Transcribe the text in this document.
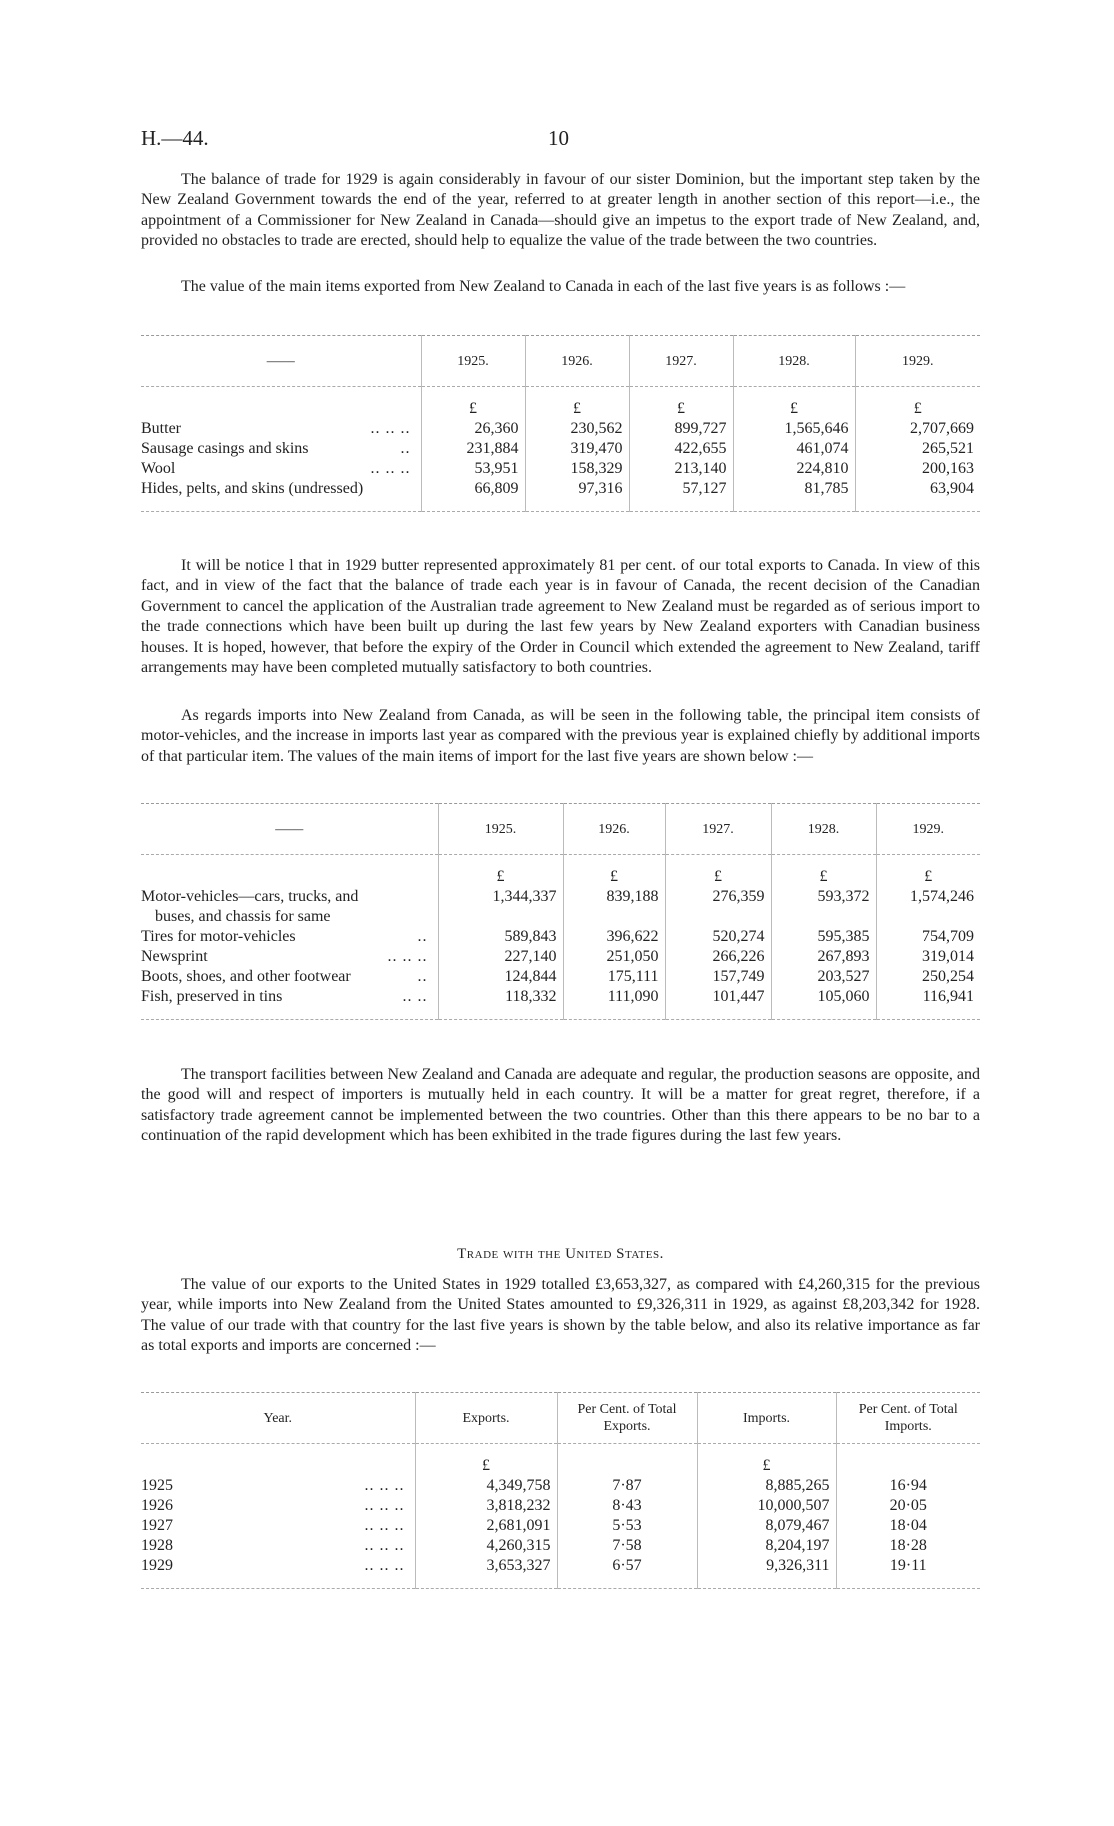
H.—44.	10

The balance of trade for 1929 is again considerably in favour of our sister Dominion, but the important step taken by the New Zealand Government towards the end of the year, referred to at greater length in another section of this report—i.e., the appointment of a Commissioner for New Zealand in Canada—should give an impetus to the export trade of New Zealand, and, provided no obstacles to trade are erected, should help to equalize the value of the trade between the two countries.

The value of the main items exported from New Zealand to Canada in each of the last five years is as follows :—

——	1925.	1926.	1927.	1928.	1929.

	£	£	£	£	£

Butter .. .. ..	26,360	230,562	899,727	1,565,646	2,707,669

Sausage casings and skins ..	231,884	319,470	422,655	461,074	265,521

Wool .. .. ..	53,951	158,329	213,140	224,810	200,163

Hides, pelts, and skins (undressed)	66,809	97,316	57,127	81,785	63,904

It will be notice l that in 1929 butter represented approximately 81 per cent. of our total exports to Canada. In view of this fact, and in view of the fact that the balance of trade each year is in favour of Canada, the recent decision of the Canadian Government to cancel the application of the Australian trade agreement to New Zealand must be regarded as of serious import to the trade connections which have been built up during the last few years by New Zealand exporters with Canadian business houses. It is hoped, however, that before the expiry of the Order in Council which extended the agreement to New Zealand, tariff arrangements may have been completed mutually satisfactory to both countries.

As regards imports into New Zealand from Canada, as will be seen in the following table, the principal item consists of motor-vehicles, and the increase in imports last year as compared with the previous year is explained chiefly by additional imports of that particular item. The values of the main items of import for the last five years are shown below :—

——	1925.	1926.	1927.	1928.	1929.

	£	£	£	£	£

Motor-vehicles—cars, trucks, and
buses, and chassis for same	1,344,337	839,188	276,359	593,372	1,574,246

Tires for motor-vehicles ..	589,843	396,622	520,274	595,385	754,709

Newsprint .. .. ..	227,140	251,050	266,226	267,893	319,014

Boots, shoes, and other footwear ..	124,844	175,111	157,749	203,527	250,254

Fish, preserved in tins .. ..	118,332	111,090	101,447	105,060	116,941

The transport facilities between New Zealand and Canada are adequate and regular, the production seasons are opposite, and the good will and respect of importers is mutually held in each country. It will be a matter for great regret, therefore, if a satisfactory trade agreement cannot be implemented between the two countries. Other than this there appears to be no bar to a continuation of the rapid development which has been exhibited in the trade figures during the last few years.

Trade with the United States.

The value of our exports to the United States in 1929 totalled £3,653,327, as compared with £4,260,315 for the previous year, while imports into New Zealand from the United States amounted to £9,326,311 in 1929, as against £8,203,342 for 1928. The value of our trade with that country for the last five years is shown by the table below, and also its relative importance as far as total exports and imports are concerned :—

Year.	Exports.	Per Cent. of Total Exports.	Imports.	Per Cent. of Total Imports.

	£		£	

1925 .. .. ..	4,349,758	7·87	8,885,265	16·94

1926 .. .. ..	3,818,232	8·43	10,000,507	20·05

1927 .. .. ..	2,681,091	5·53	8,079,467	18·04

1928 .. .. ..	4,260,315	7·58	8,204,197	18·28

1929 .. .. ..	3,653,327	6·57	9,326,311	19·11
